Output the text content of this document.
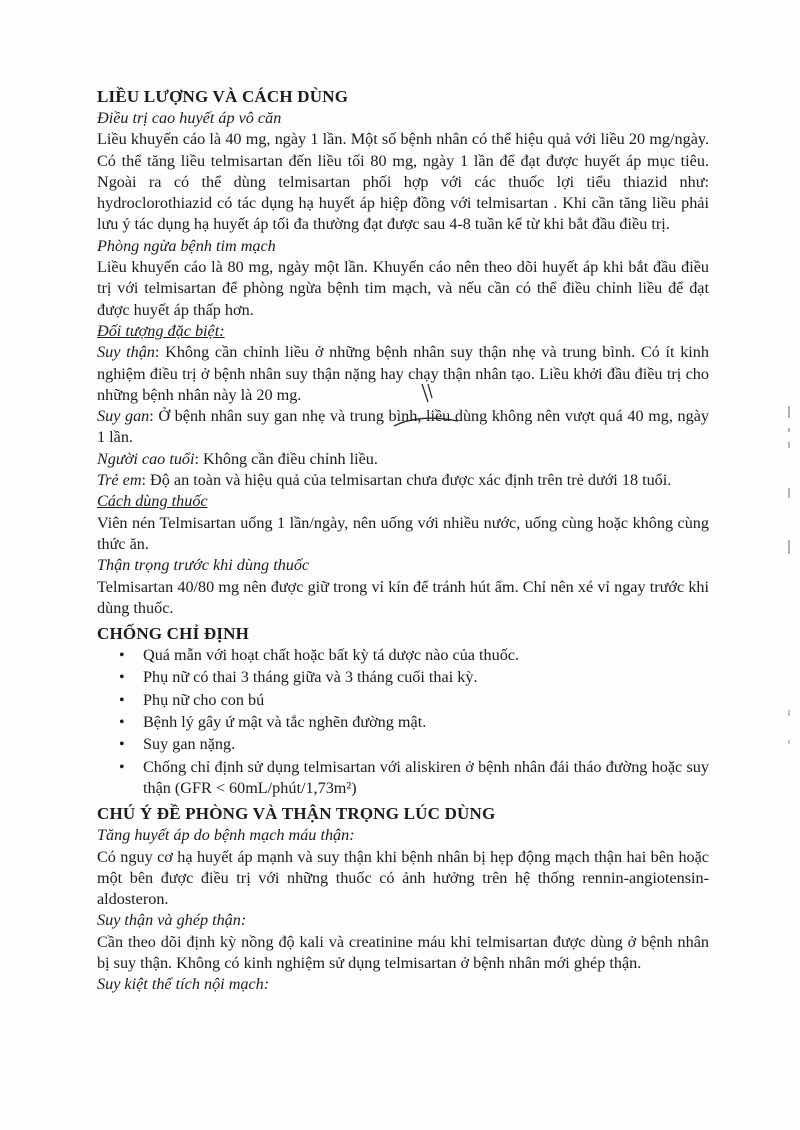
LIỀU LƯỢNG VÀ CÁCH DÙNG

Điều trị cao huyết áp vô căn

Liều khuyến cáo là 40 mg, ngày 1 lần. Một số bệnh nhân có thể hiệu quả với liều 20 mg/ngày. Có thể tăng liều telmisartan đến liều tối 80 mg, ngày 1 lần để đạt được huyết áp mục tiêu. Ngoài ra có thể dùng telmisartan phối hợp với các thuốc lợi tiểu thiazid như: hydroclorothiazid có tác dụng hạ huyết áp hiệp đồng với telmisartan . Khi cần tăng liều phải lưu ý tác dụng hạ huyết áp tối đa thường đạt được sau 4-8 tuần kể từ khi bắt đầu điều trị.

Phòng ngừa bệnh tim mạch

Liều khuyến cáo là 80 mg, ngày một lần. Khuyến cáo nên theo dõi huyết áp khi bắt đầu điều trị với telmisartan để phòng ngừa bệnh tim mạch, và nếu cần có thể điều chỉnh liều để đạt được huyết áp thấp hơn.

Đối tượng đặc biệt:

Suy thận: Không cần chỉnh liều ở những bệnh nhân suy thận nhẹ và trung bình. Có ít kinh nghiệm điều trị ở bệnh nhân suy thận nặng hay chạy thận nhân tạo. Liều khởi đầu điều trị cho những bệnh nhân này là 20 mg.

Suy gan: Ở bệnh nhân suy gan nhẹ và trung bình, liều dùng không nên vượt quá 40 mg, ngày 1 lần.

Người cao tuổi: Không cần điều chỉnh liều.

Trẻ em: Độ an toàn và hiệu quả của telmisartan chưa được xác định trên trẻ dưới 18 tuổi.

Cách dùng thuốc

Viên nén Telmisartan uống 1 lần/ngày, nên uống với nhiều nước, uống cùng hoặc không cùng thức ăn.

Thận trọng trước khi dùng thuốc

Telmisartan 40/80 mg nên được giữ trong vỉ kín để tránh hút ẩm. Chỉ nên xé vỉ ngay trước khi dùng thuốc.

CHỐNG CHỈ ĐỊNH

• Quá mẫn với hoạt chất hoặc bất kỳ tá dược nào của thuốc.
• Phụ nữ có thai 3 tháng giữa và 3 tháng cuối thai kỳ.
• Phụ nữ cho con bú
• Bệnh lý gây ứ mật và tắc nghẽn đường mật.
• Suy gan nặng.
• Chống chỉ định sử dụng telmisartan với aliskiren ở bệnh nhân đái tháo đường hoặc suy thận (GFR < 60mL/phút/1,73m²)

CHÚ Ý ĐỀ PHÒNG VÀ THẬN TRỌNG LÚC DÙNG

Tăng huyết áp do bệnh mạch máu thận:

Có nguy cơ hạ huyết áp mạnh và suy thận khi bệnh nhân bị hẹp động mạch thận hai bên hoặc một bên được điều trị với những thuốc có ảnh hưởng trên hệ thống rennin-angiotensin- aldosteron.

Suy thận và ghép thận:

Cần theo dõi định kỳ nồng độ kali và creatinine máu khi telmisartan được dùng ở bệnh nhân bị suy thận. Không có kinh nghiệm sử dụng telmisartan ở bệnh nhân mới ghép thận.

Suy kiệt thể tích nội mạch:
